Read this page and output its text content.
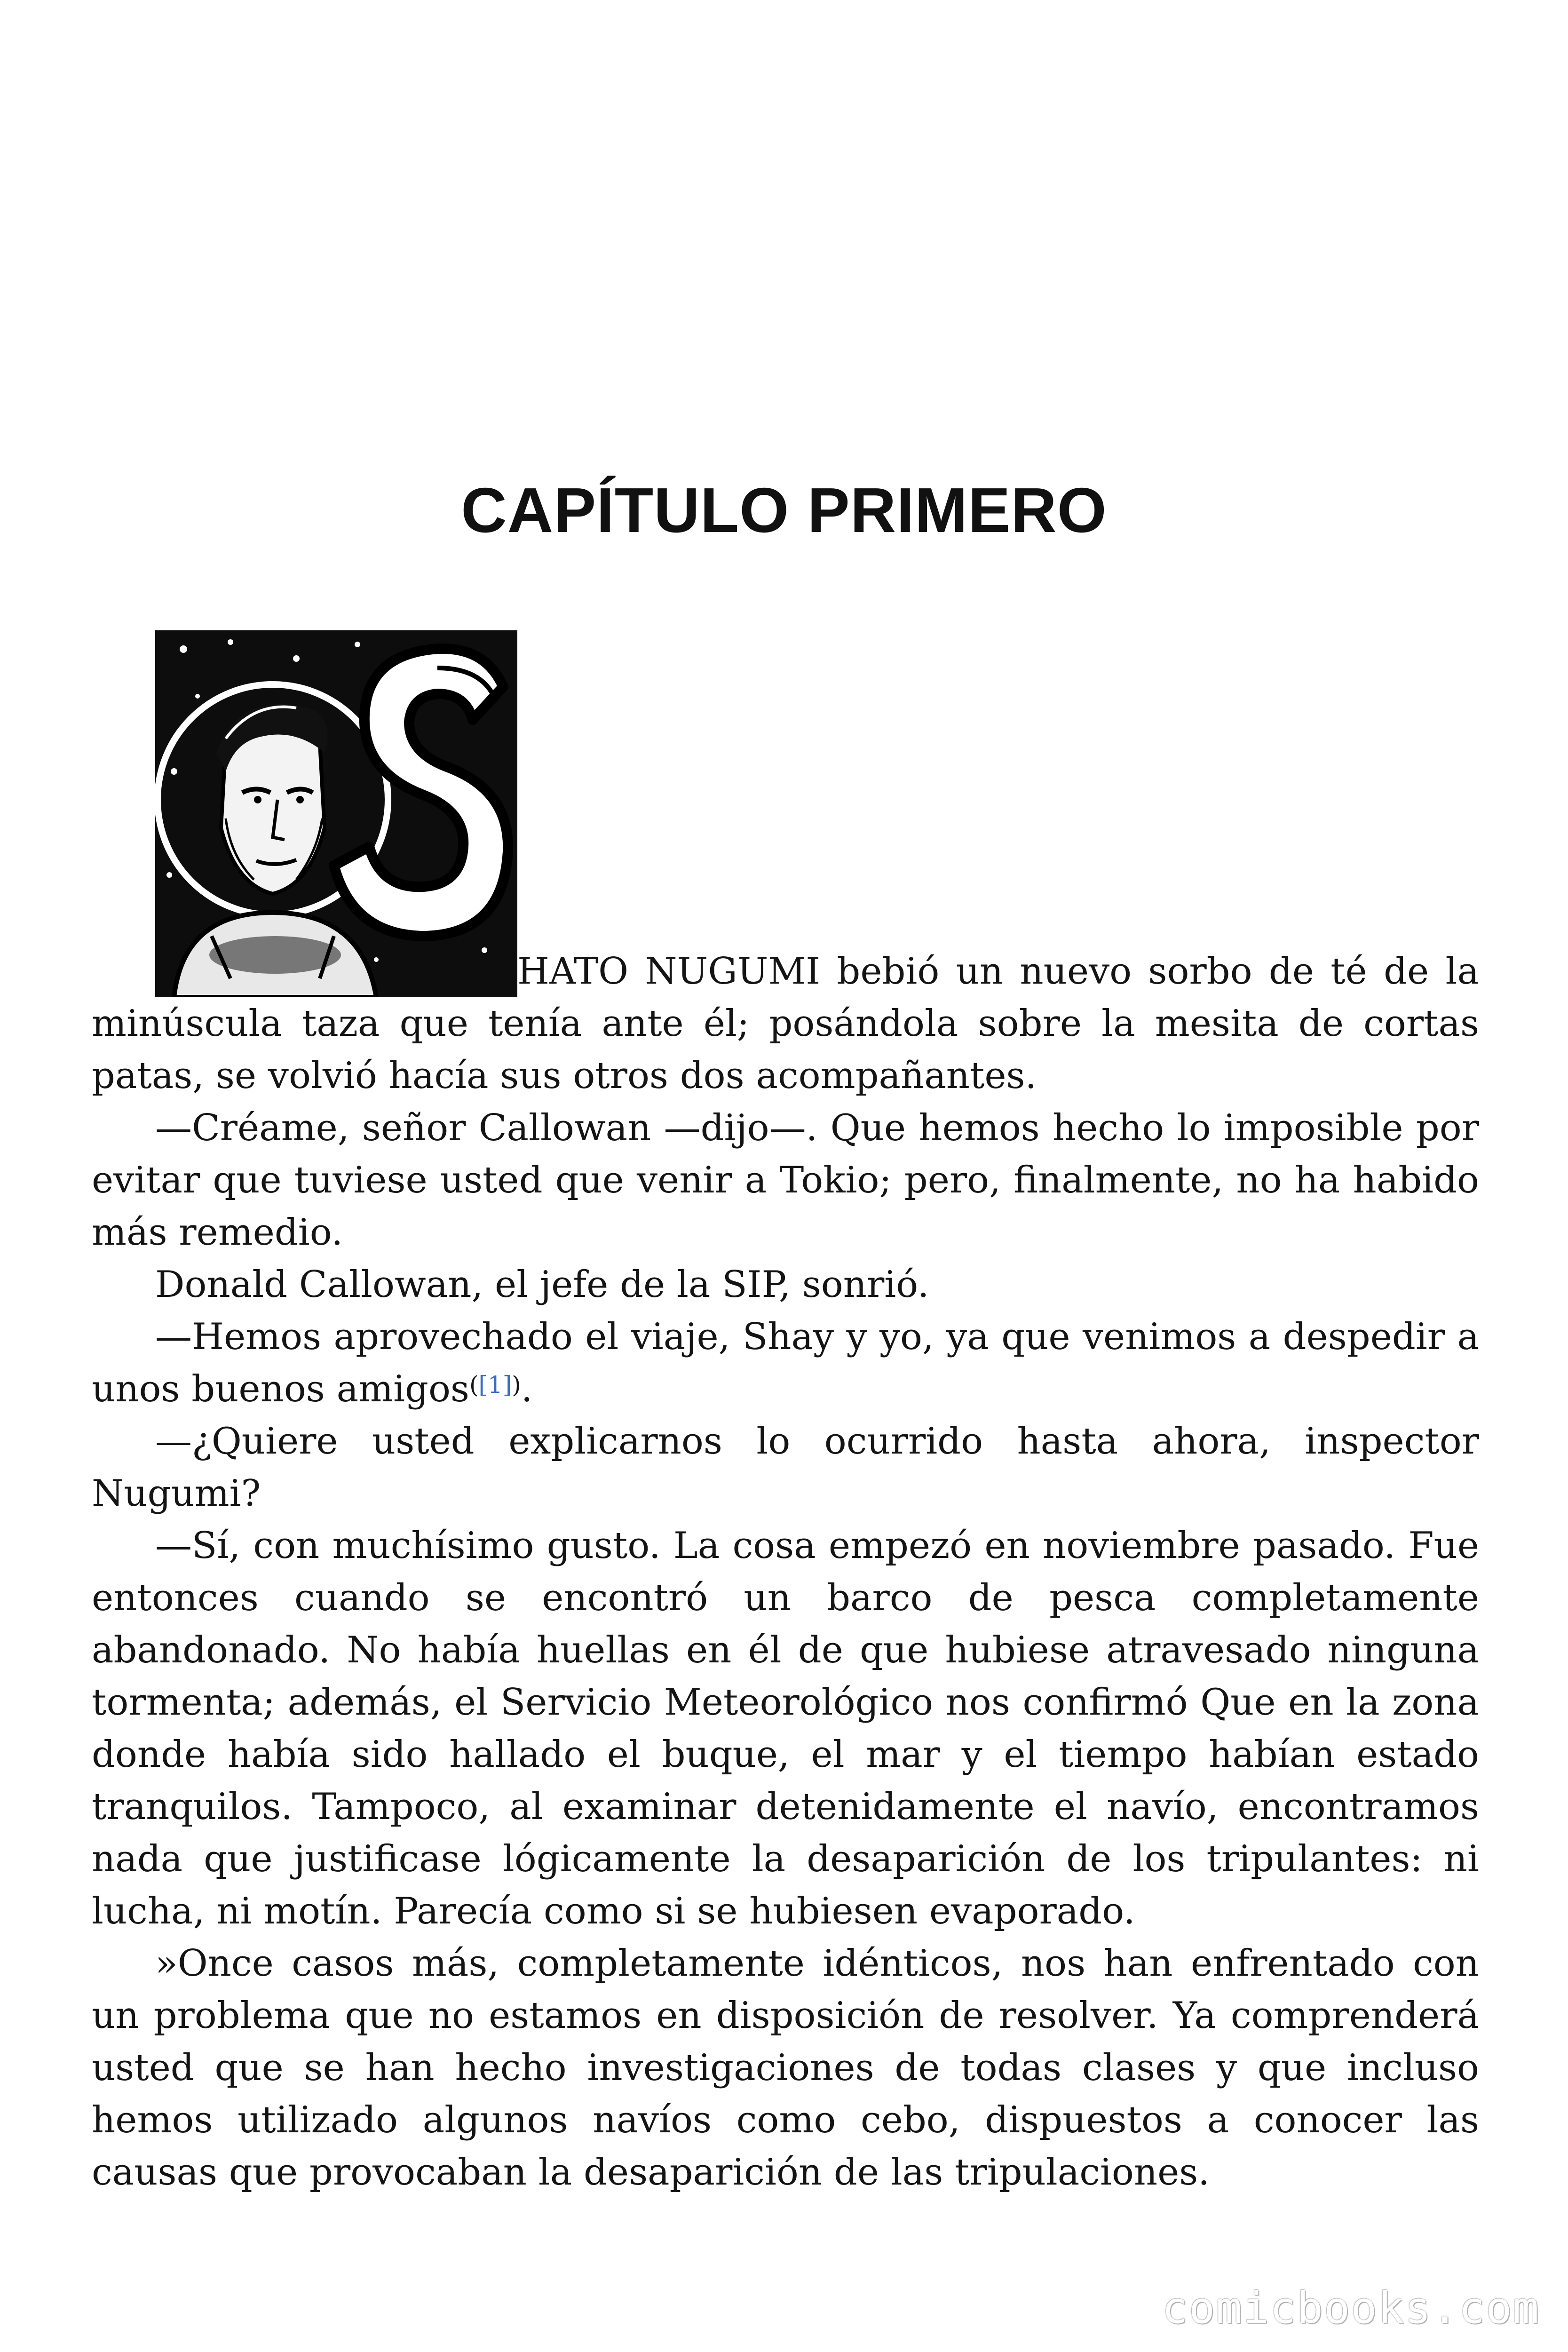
CAPÍTULO PRIMERO

HATO NUGUMI bebió un nuevo sorbo de té de la
minúscula taza que tenía ante él; posándola sobre la mesita de cortas patas, se volvió hacía sus otros dos acompañantes.

—Créame, señor Callowan —dijo—. Que hemos hecho lo imposible por evitar que tuviese usted que venir a Tokio; pero, finalmente, no ha habido más remedio.

Donald Callowan, el jefe de la SIP, sonrió.

—Hemos aprovechado el viaje, Shay y yo, ya que venimos a despedir a unos buenos amigos$^{([1])}$.

—¿Quiere usted explicarnos lo ocurrido hasta ahora, inspector Nugumi?

—Sí, con muchísimo gusto. La cosa empezó en noviembre pasado. Fue entonces cuando se encontró un barco de pesca completamente abandonado. No había huellas en él de que hubiese atravesado ninguna tormenta; además, el Servicio Meteorológico nos confirmó Que en la zona donde había sido hallado el buque, el mar y el tiempo habían estado tranquilos. Tampoco, al examinar detenidamente el navío, encontramos nada que justificase lógicamente la desaparición de los tripulantes: ni lucha, ni motín. Parecía como si se hubiesen evaporado.

»Once casos más, completamente idénticos, nos han enfrentado con un problema que no estamos en disposición de resolver. Ya comprenderá usted que se han hecho investigaciones de todas clases y que incluso hemos utilizado algunos navíos como cebo, dispuestos a conocer las causas que provocaban la desaparición de las tripulaciones.

comicbooks.com
